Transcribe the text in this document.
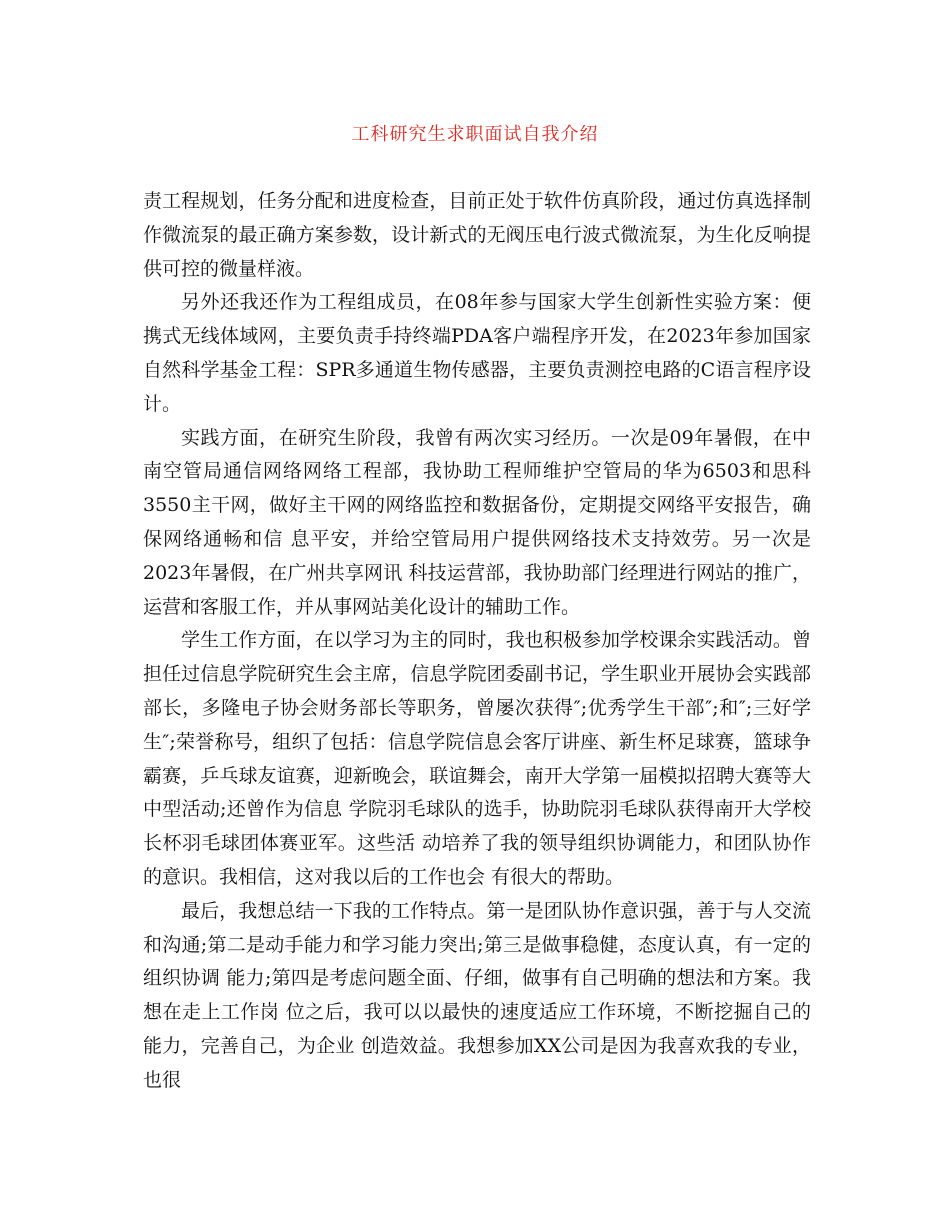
工科研究生求职面试自我介绍

责工程规划，任务分配和进度检查，目前正处于软件仿真阶段，通过仿真选择制作微流泵的最正确方案参数，设计新式的无阀压电行波式微流泵，为生化反响提供可控的微量样液。

另外还我还作为工程组成员，在08年参与国家大学生创新性实验方案：便携式无线体域网，主要负责手持终端PDA客户端程序开发，在2023年参加国家自然科学基金工程：SPR多通道生物传感器，主要负责测控电路的C语言程序设计。

实践方面，在研究生阶段，我曾有两次实习经历。一次是09年暑假，在中南空管局通信网络网络工程部，我协助工程师维护空管局的华为6503和思科3550主干网，做好主干网的网络监控和数据备份，定期提交网络平安报告，确保网络通畅和信 息平安，并给空管局用户提供网络技术支持效劳。另一次是2023年暑假，在广州共享网讯 科技运营部，我协助部门经理进行网站的推广，运营和客服工作，并从事网站美化设计的辅助工作。

学生工作方面，在以学习为主的同时，我也积极参加学校课余实践活动。曾担任过信息学院研究生会主席，信息学院团委副书记，学生职业开展协会实践部部长，多隆电子协会财务部长等职务，曾屡次获得″;优秀学生干部″;和″;三好学生″;荣誉称号，组织了包括：信息学院信息会客厅讲座、新生杯足球赛，篮球争霸赛，乒乓球友谊赛，迎新晚会，联谊舞会，南开大学第一届模拟招聘大赛等大中型活动;还曾作为信息 学院羽毛球队的选手，协助院羽毛球队获得南开大学校长杯羽毛球团体赛亚军。这些活 动培养了我的领导组织协调能力，和团队协作的意识。我相信，这对我以后的工作也会 有很大的帮助。

最后，我想总结一下我的工作特点。第一是团队协作意识强，善于与人交流和沟通;第二是动手能力和学习能力突出;第三是做事稳健，态度认真，有一定的组织协调 能力;第四是考虑问题全面、仔细，做事有自己明确的想法和方案。我想在走上工作岗 位之后，我可以以最快的速度适应工作环境，不断挖掘自己的能力，完善自己，为企业 创造效益。我想参加XX公司是因为我喜欢我的专业，也很
